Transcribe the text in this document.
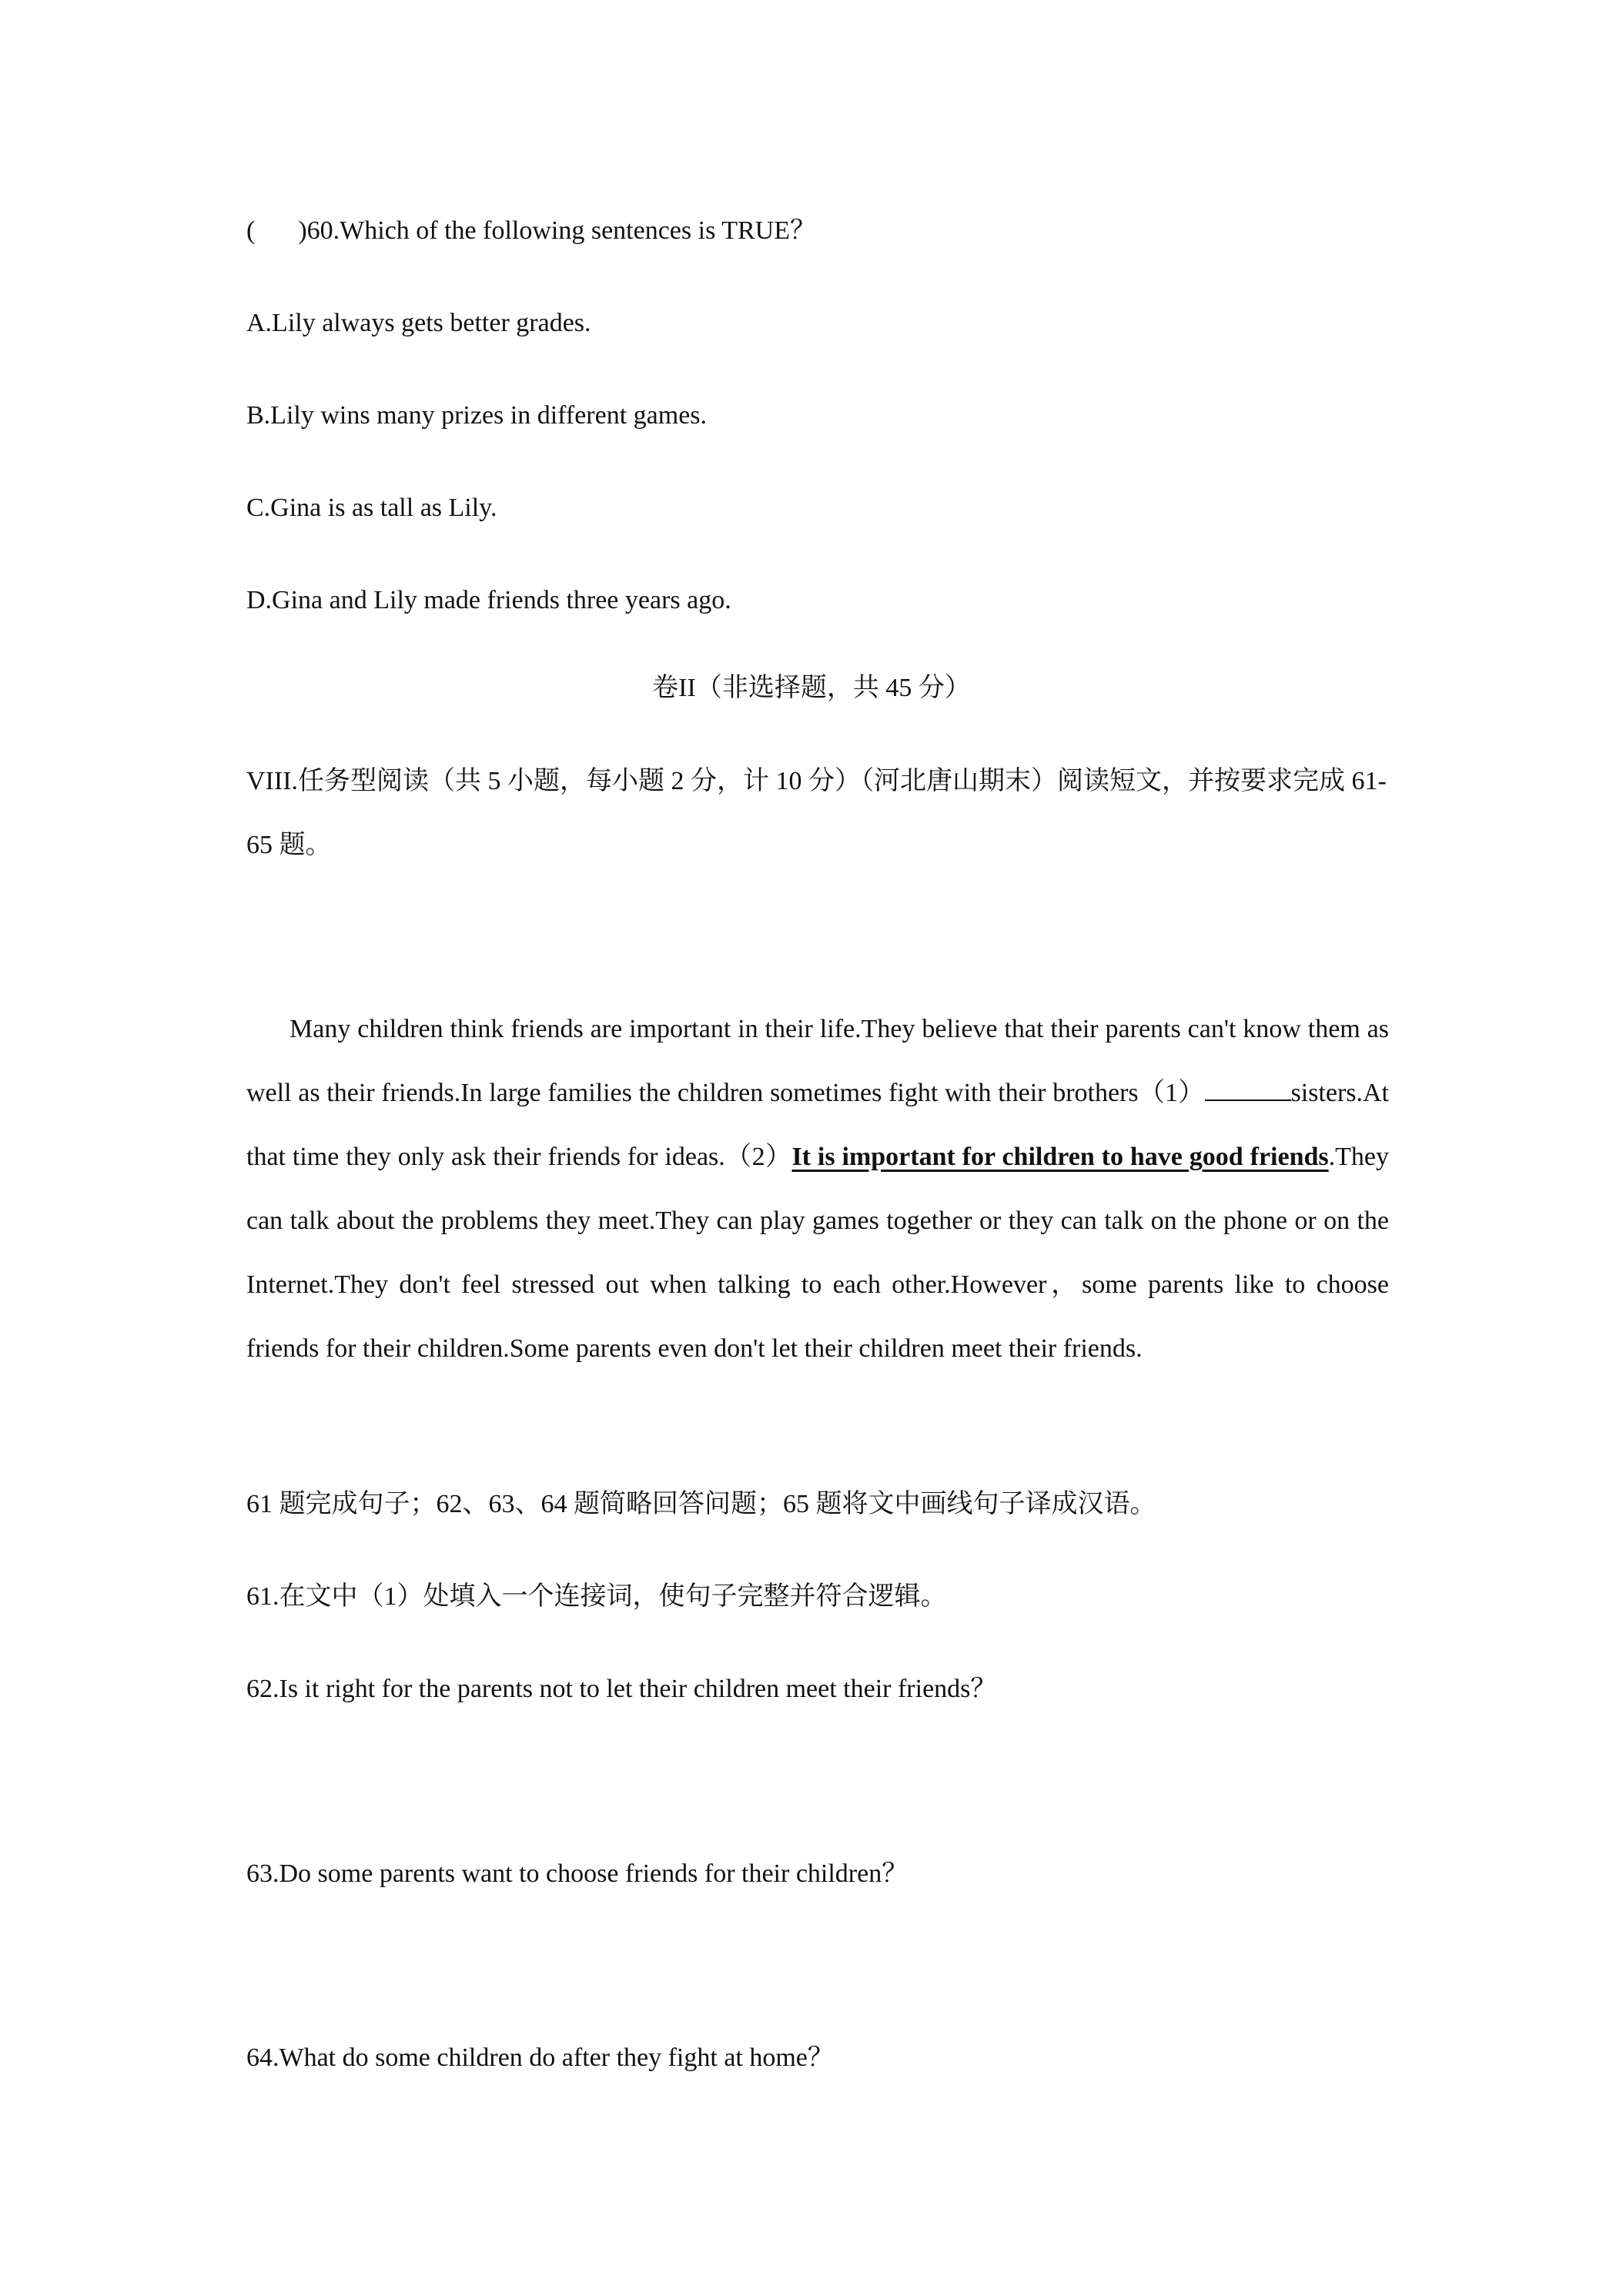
( )60.Which of the following sentences is TRUE？
A.Lily always gets better grades.
B.Lily wins many prizes in different games.
C.Gina is as tall as Lily.
D.Gina and Lily made friends three years ago.
卷II（非选择题，共 45 分）
VIII.任务型阅读（共 5 小题，每小题 2 分，计 10 分）（河北唐山期末）阅读短文，并按要求完成 61-65 题。
Many children think friends are important in their life.They believe that their parents can't know them as well as their friends.In large families the children sometimes fight with their brothers（1）	sisters.At that time they only ask their friends for ideas.（2）It is important for children to have good friends.They can talk about the problems they meet.They can play games together or they can talk on the phone or on the Internet.They don't feel stressed out when talking to each other.However，some parents like to choose friends for their children.Some parents even don't let their children meet their friends.
61 题完成句子；62、63、64 题简略回答问题；65 题将文中画线句子译成汉语。
61.在文中（1）处填入一个连接词，使句子完整并符合逻辑。
62.Is it right for the parents not to let their children meet their friends？
63.Do some parents want to choose friends for their children？
64.What do some children do after they fight at home？
